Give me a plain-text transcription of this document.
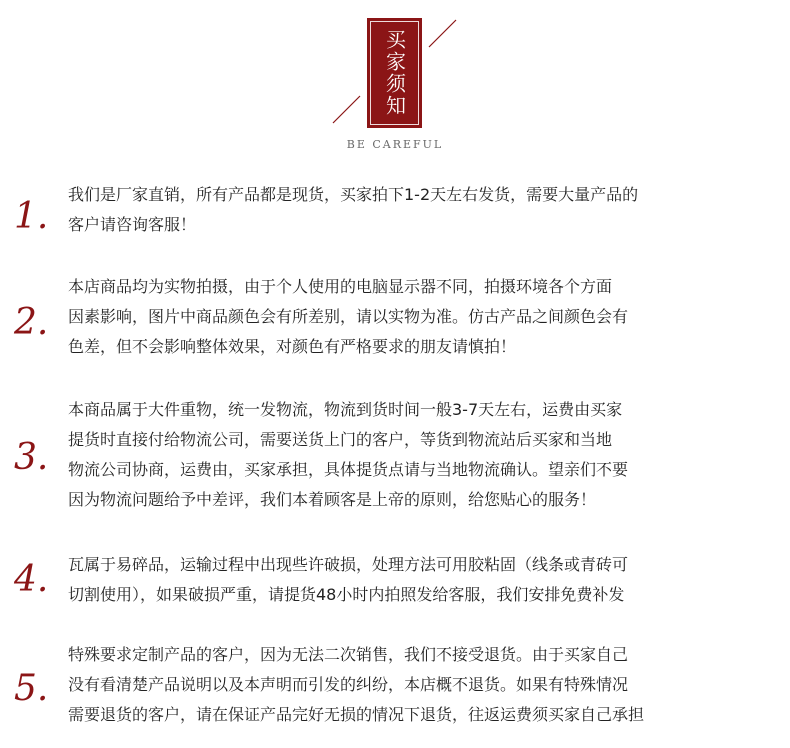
买家须知
BE CAREFUL
1.
我们是厂家直销，所有产品都是现货，买家拍下1-2天左右发货，需要大量产品的
客户请咨询客服！
2.
本店商品均为实物拍摄，由于个人使用的电脑显示器不同，拍摄环境各个方面
因素影响，图片中商品颜色会有所差别，请以实物为准。仿古产品之间颜色会有
色差，但不会影响整体效果，对颜色有严格要求的朋友请慎拍！
3.
本商品属于大件重物，统一发物流，物流到货时间一般3-7天左右，运费由买家
提货时直接付给物流公司，需要送货上门的客户，等货到物流站后买家和当地
物流公司协商，运费由，买家承担，具体提货点请与当地物流确认。望亲们不要
因为物流问题给予中差评，我们本着顾客是上帝的原则，给您贴心的服务！
4. 瓦属于易碎品，运输过程中出现些许破损，处理方法可用胶粘固（线条或青砖可
切割使用），如果破损严重，请提货48小时内拍照发给客服，我们安排免费补发
5.
特殊要求定制产品的客户，因为无法二次销售，我们不接受退货。由于买家自己
没有看清楚产品说明以及本声明而引发的纠纷，本店概不退货。如果有特殊情况
需要退货的客户，请在保证产品完好无损的情况下退货，往返运费须买家自己承担
